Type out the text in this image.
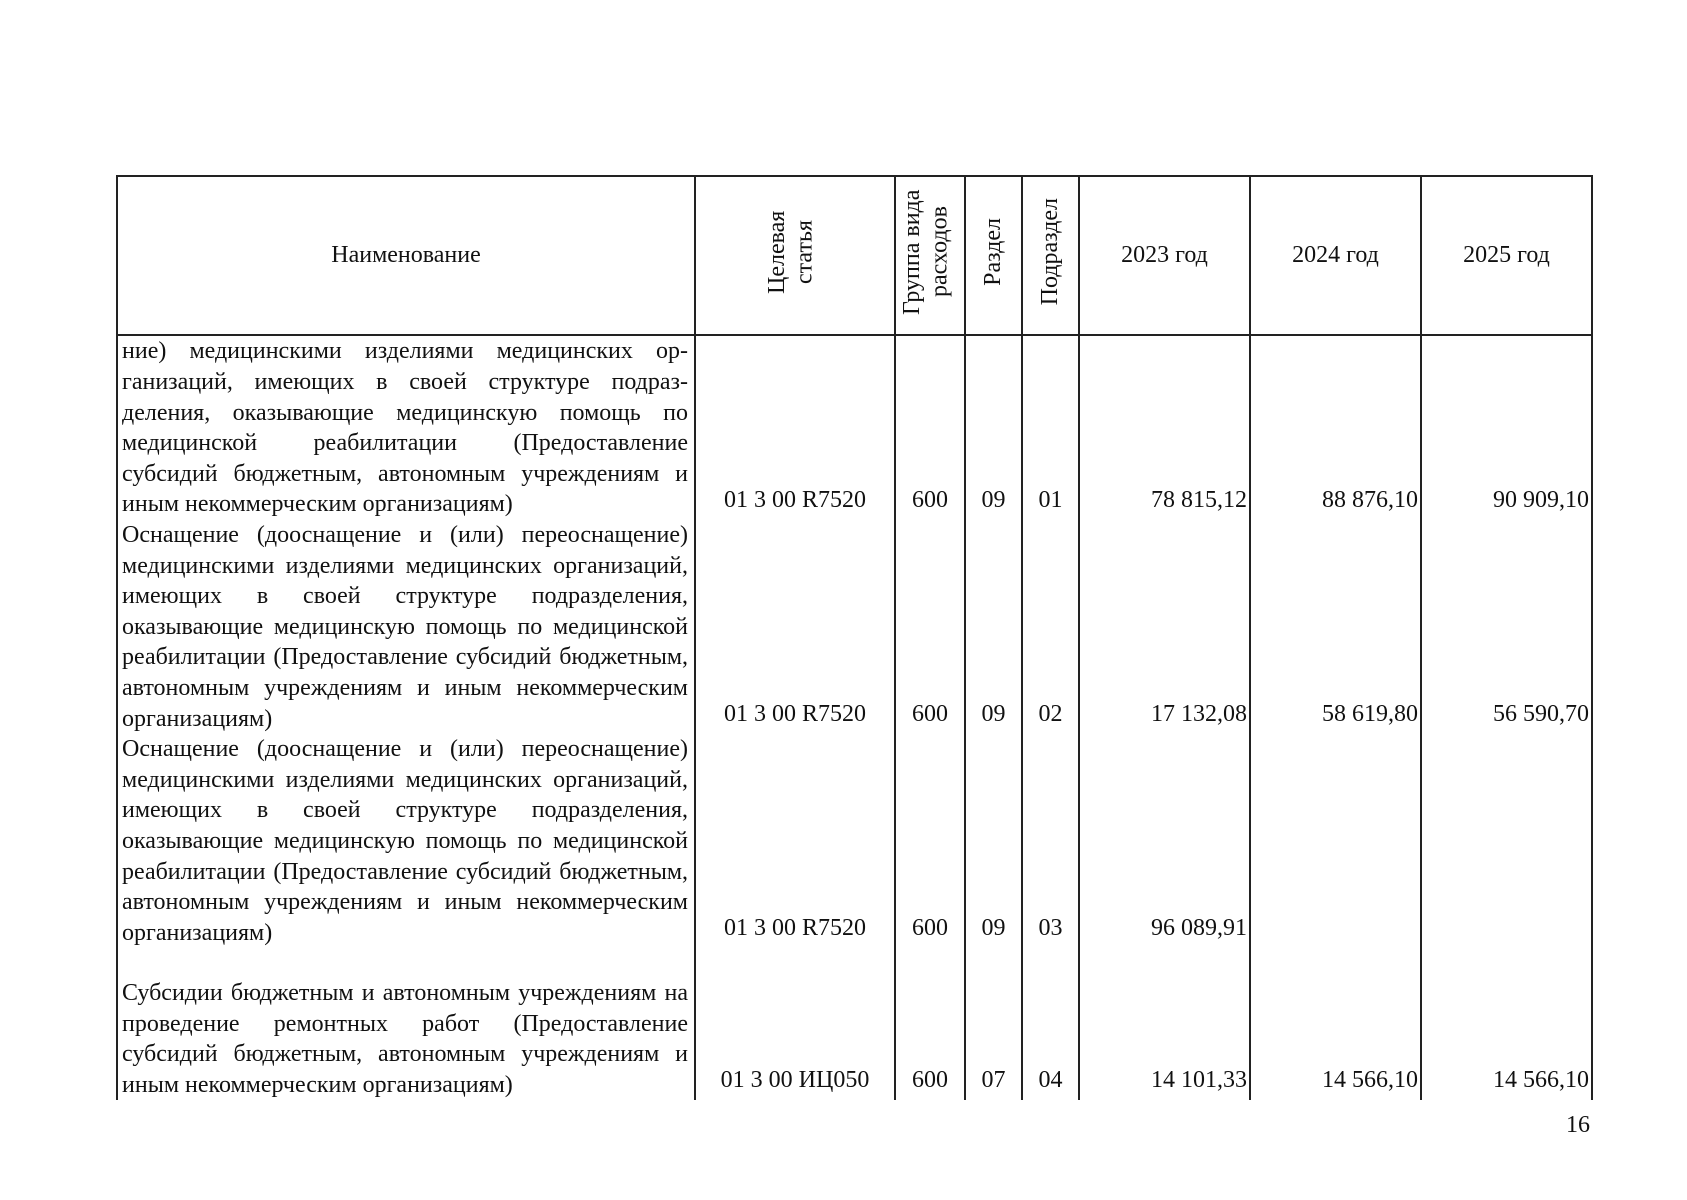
Наименование	Целевая статья	Группа вида расходов	Раздел	Подраздел	2023 год	2024 год	2025 год

ние) медицинскими изделиями медицинских организаций, имеющих в своей структуре подразделения, оказывающие медицинскую помощь по медицинской реабилитации (Предоставление субсидий бюджетным, автономным учреждениям и иным некоммерческим организациям)	01 3 00 R7520	600	09	01	78 815,12	88 876,10	90 909,10

Оснащение (дооснащение и (или) переоснащение) медицинскими изделиями медицинских организаций, имеющих в своей структуре подразделения, оказывающие медицинскую помощь по медицинской реабилитации (Предоставление субсидий бюджетным, автономным учреждениям и иным некоммерческим организациям)	01 3 00 R7520	600	09	02	17 132,08	58 619,80	56 590,70

Оснащение (дооснащение и (или) переоснащение) медицинскими изделиями медицинских организаций, имеющих в своей структуре подразделения, оказывающие медицинскую помощь по медицинской реабилитации (Предоставление субсидий бюджетным, автономным учреждениям и иным некоммерческим организациям)	01 3 00 R7520	600	09	03	96 089,91		

Субсидии бюджетным и автономным учреждениям на проведение ремонтных работ (Предоставление субсидий бюджетным, автономным учреждениям и иным некоммерческим организациям)	01 3 00 ИЦ050	600	07	04	14 101,33	14 566,10	14 566,10
16
